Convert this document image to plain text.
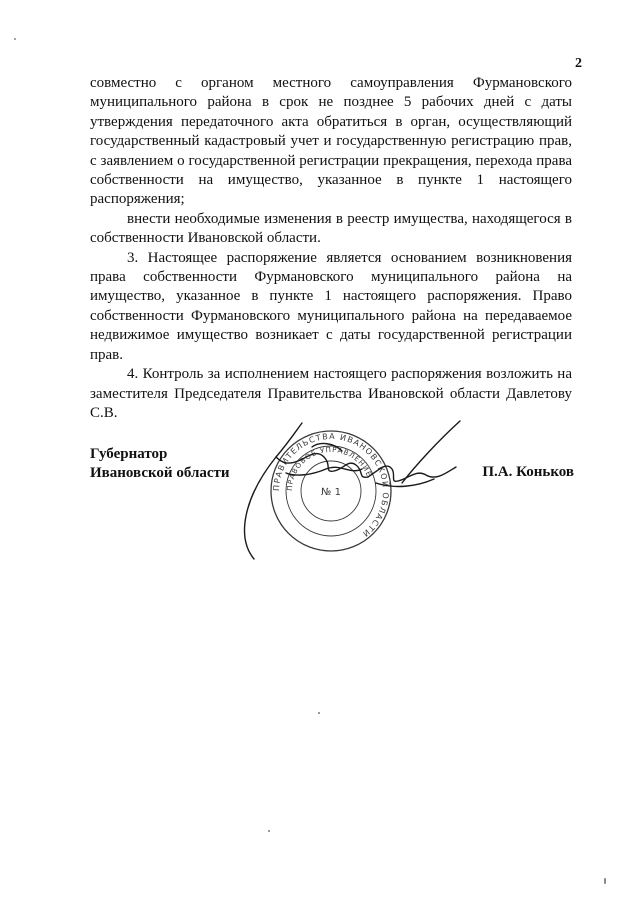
2

совместно с органом местного самоуправления Фурмановского муниципального района в срок не позднее 5 рабочих дней с даты утверждения передаточного акта обратиться в орган, осуществляющий государственный кадастровый учет и государственную регистрацию прав, с заявлением о государственной регистрации прекращения, перехода права собственности на имущество, указанное в пункте 1 настоящего распоряжения;

внести необходимые изменения в реестр имущества, находящегося в собственности Ивановской области.

3. Настоящее распоряжение является основанием возникновения права собственности Фурмановского муниципального района на имущество, указанное в пункте 1 настоящего распоряжения. Право собственности Фурмановского муниципального района на передаваемое недвижимое имущество возникает с даты государственной регистрации прав.

4. Контроль за исполнением настоящего распоряжения возложить на заместителя Председателя Правительства Ивановской области Давлетову С.В.

Губернатор
Ивановской области	П.А. Коньков
ПРАВИТЕЛЬСТВА ИВАНОВСКОЙ ОБЛАСТИ
ПРАВОВОЕ УПРАВЛЕНИЕ
№ 1
